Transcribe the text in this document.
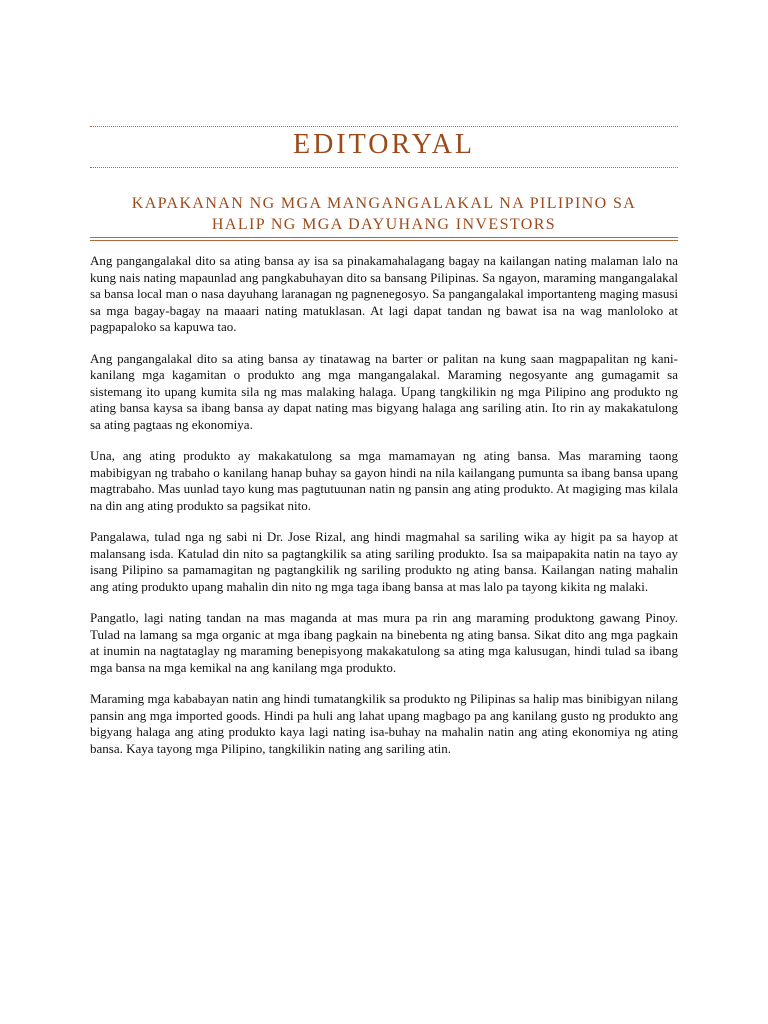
EDITORYAL
KAPAKANAN NG MGA MANGANGALAKAL NA PILIPINO SA
HALIP NG MGA DAYUHANG INVESTORS

Ang pangangalakal dito sa ating bansa ay isa sa pinakamahalagang bagay na kailangan nating malaman lalo na kung nais nating mapaunlad ang pangkabuhayan dito sa bansang Pilipinas. Sa ngayon, maraming mangangalakal sa bansa local man o nasa dayuhang laranagan ng pagnenegosyo. Sa pangangalakal importanteng maging masusi sa mga bagay-bagay na maaari nating matuklasan. At lagi dapat tandan ng bawat isa na wag manloloko at pagpapaloko sa kapuwa tao.

Ang pangangalakal dito sa ating bansa ay tinatawag na barter or palitan na kung saan magpapalitan ng kani-kanilang mga kagamitan o produkto ang mga mangangalakal. Maraming negosyante ang gumagamit sa sistemang ito upang kumita sila ng mas malaking halaga. Upang tangkilikin ng mga Pilipino ang produkto ng ating bansa kaysa sa ibang bansa ay dapat nating mas bigyang halaga ang sariling atin. Ito rin ay makakatulong sa ating pagtaas ng ekonomiya.

Una, ang ating produkto ay makakatulong sa mga mamamayan ng ating bansa. Mas maraming taong mabibigyan ng trabaho o kanilang hanap buhay sa gayon hindi na nila kailangang pumunta sa ibang bansa upang magtrabaho. Mas uunlad tayo kung mas pagtutuunan natin ng pansin ang ating produkto. At magiging mas kilala na din ang ating produkto sa pagsikat nito.

Pangalawa, tulad nga ng sabi ni Dr. Jose Rizal, ang hindi magmahal sa sariling wika ay higit pa sa hayop at malansang isda. Katulad din nito sa pagtangkilik sa ating sariling produkto. Isa sa maipapakita natin na tayo ay isang Pilipino sa pamamagitan ng pagtangkilik ng sariling produkto ng ating bansa. Kailangan nating mahalin ang ating produkto upang mahalin din nito ng mga taga ibang bansa at mas lalo pa tayong kikita ng malaki.

Pangatlo, lagi nating tandan na mas maganda at mas mura pa rin ang maraming produktong gawang Pinoy. Tulad na lamang sa mga organic at mga ibang pagkain na binebenta ng ating bansa. Sikat dito ang mga pagkain at inumin na nagtataglay ng maraming benepisyong makakatulong sa ating mga kalusugan, hindi tulad sa ibang mga bansa na mga kemikal na ang kanilang mga produkto.

Maraming mga kababayan natin ang hindi tumatangkilik sa produkto ng Pilipinas sa halip mas binibigyan nilang pansin ang mga imported goods. Hindi pa huli ang lahat upang magbago pa ang kanilang gusto ng produkto ang bigyang halaga ang ating produkto kaya lagi nating isa-buhay na mahalin natin ang ating ekonomiya ng ating bansa. Kaya tayong mga Pilipino, tangkilikin nating ang sariling atin.
